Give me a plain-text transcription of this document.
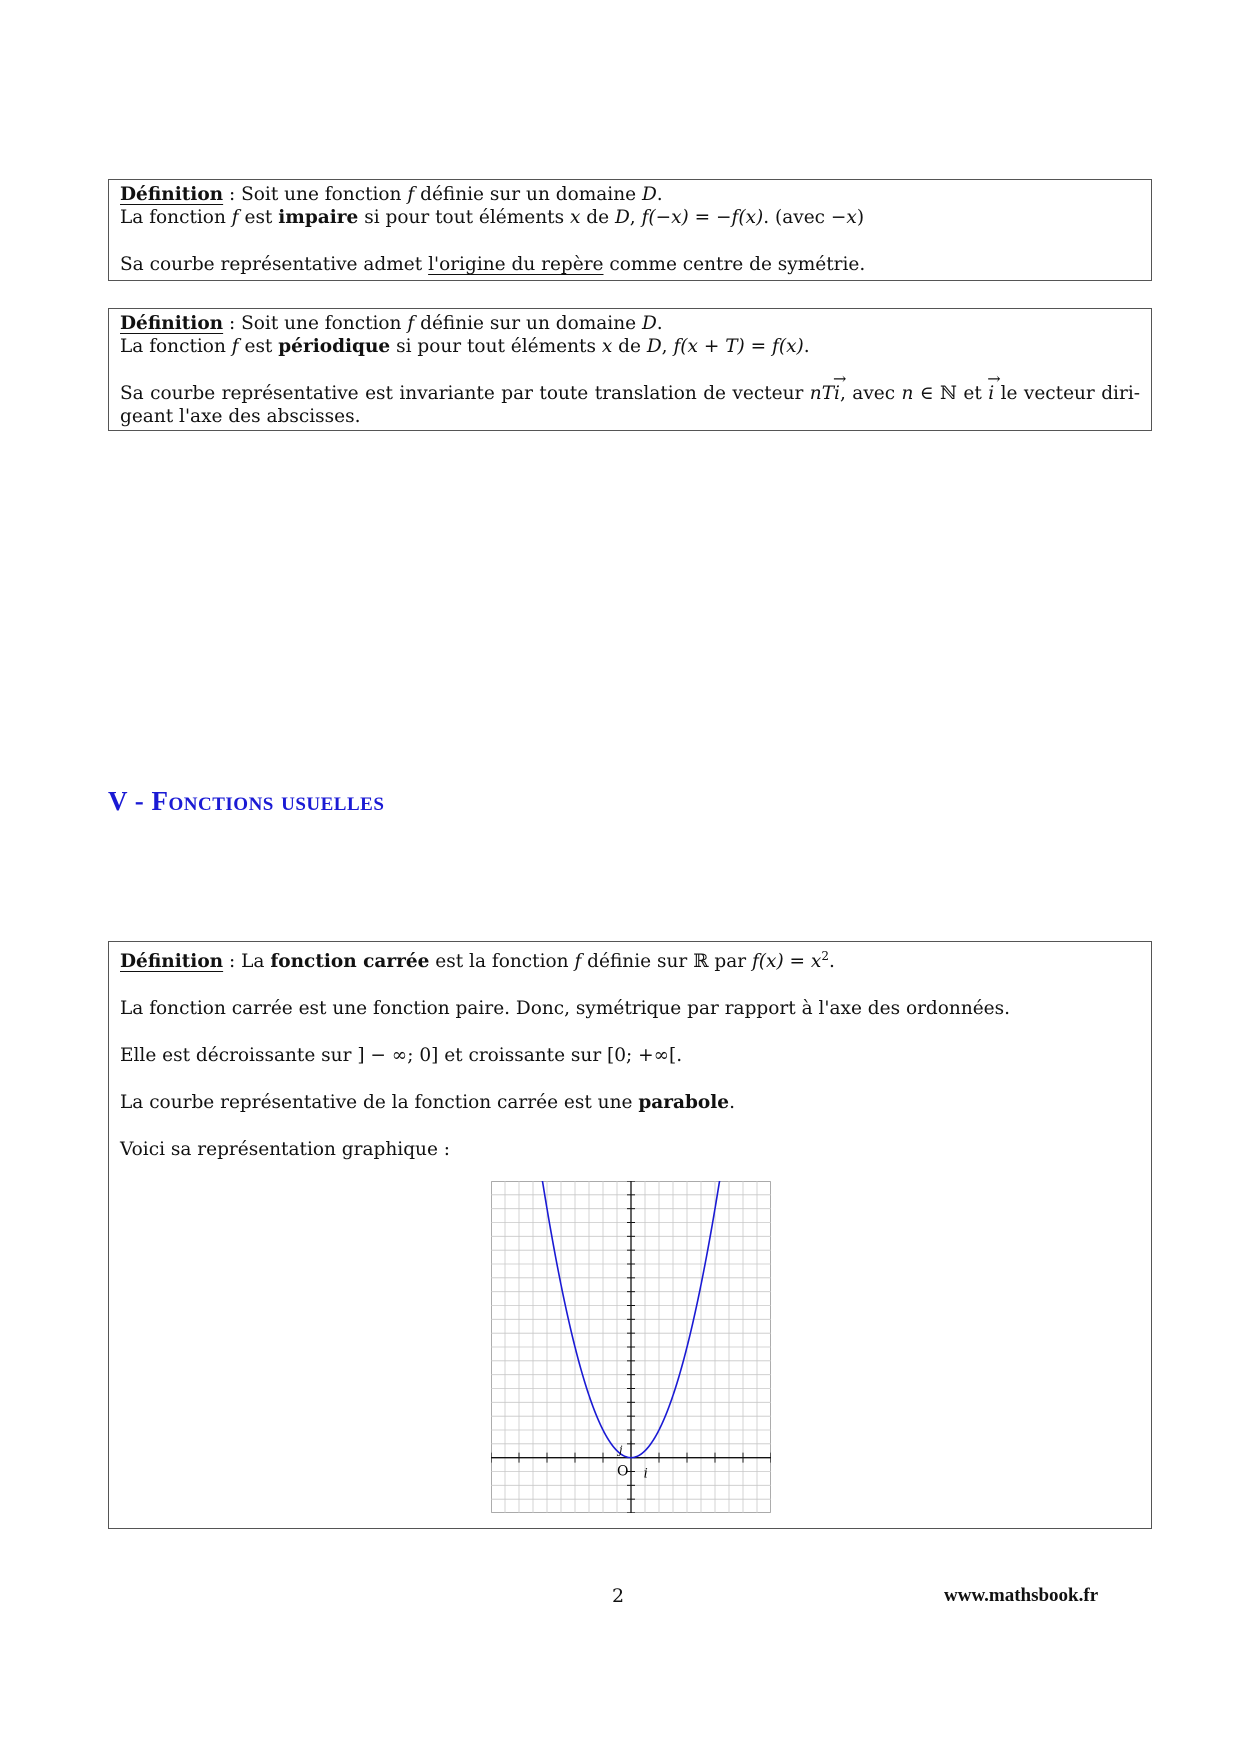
Définition : Soit une fonction f définie sur un domaine D.

La fonction f est impaire si pour tout éléments x de D, f(−x) = −f(x). (avec −x)

Sa courbe représentative admet l'origine du repère comme centre de symétrie.

Définition : Soit une fonction f définie sur un domaine D.

La fonction f est périodique si pour tout éléments x de D, f(x + T) = f(x).

Sa courbe représentative est invariante par toute translation de vecteur nT→ i, avec n ∈ ℕ et → i le vecteur diri-

geant l'axe des abscisses.

V - Fonctions usuelles

Définition : La fonction carrée est la fonction f définie sur ℝ par $f(x) = x^2$.

La fonction carrée est une fonction paire. Donc, symétrique par rapport à l'axe des ordonnées.

Elle est décroissante sur ] − ∞; 0] et croissante sur [0; +∞[.

La courbe représentative de la fonction carrée est une parabole.

Voici sa représentation graphique :

O i
j
2	www.mathsbook.fr
